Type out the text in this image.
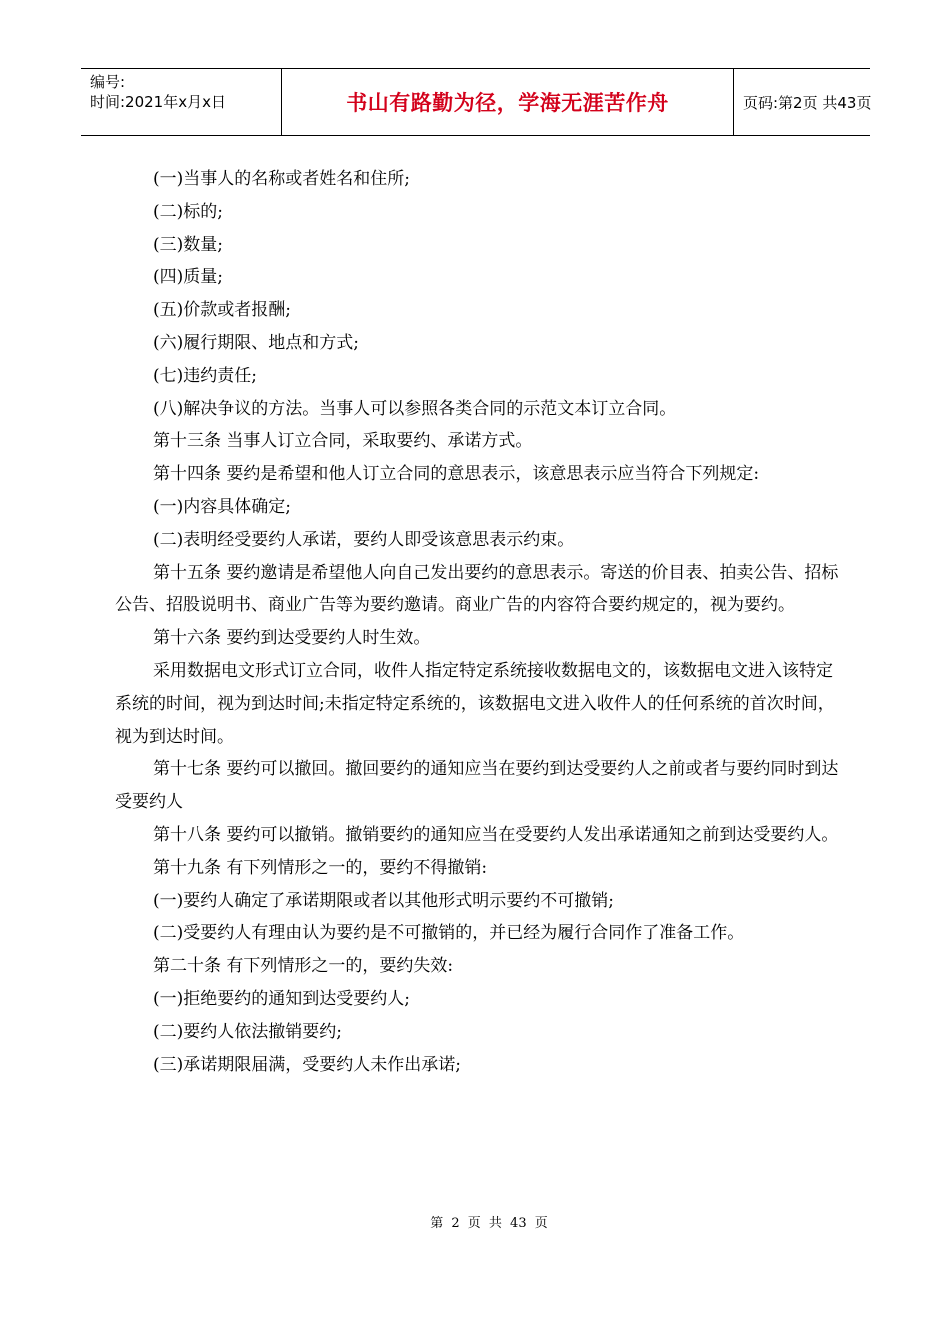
编号:
时间:2021年x月x日	书山有路勤为径，学海无涯苦作舟	页码:第2页 共43页

(一)当事人的名称或者姓名和住所;

(二)标的;

(三)数量;

(四)质量;

(五)价款或者报酬;

(六)履行期限、地点和方式;

(七)违约责任;

(八)解决争议的方法。当事人可以参照各类合同的示范文本订立合同。

第十三条 当事人订立合同，采取要约、承诺方式。

第十四条 要约是希望和他人订立合同的意思表示，该意思表示应当符合下列规定:

(一)内容具体确定;

(二)表明经受要约人承诺，要约人即受该意思表示约束。

第十五条 要约邀请是希望他人向自己发出要约的意思表示。寄送的价目表、拍卖公告、招标公告、招股说明书、商业广告等为要约邀请。商业广告的内容符合要约规定的，视为要约。

第十六条 要约到达受要约人时生效。

采用数据电文形式订立合同，收件人指定特定系统接收数据电文的，该数据电文进入该特定系统的时间，视为到达时间;未指定特定系统的，该数据电文进入收件人的任何系统的首次时间，视为到达时间。

第十七条 要约可以撤回。撤回要约的通知应当在要约到达受要约人之前或者与要约同时到达受要约人

第十八条 要约可以撤销。撤销要约的通知应当在受要约人发出承诺通知之前到达受要约人。

第十九条 有下列情形之一的，要约不得撤销:

(一)要约人确定了承诺期限或者以其他形式明示要约不可撤销;

(二)受要约人有理由认为要约是不可撤销的，并已经为履行合同作了准备工作。

第二十条 有下列情形之一的，要约失效:

(一)拒绝要约的通知到达受要约人;

(二)要约人依法撤销要约;

(三)承诺期限届满，受要约人未作出承诺;

第 2 页 共 43 页
